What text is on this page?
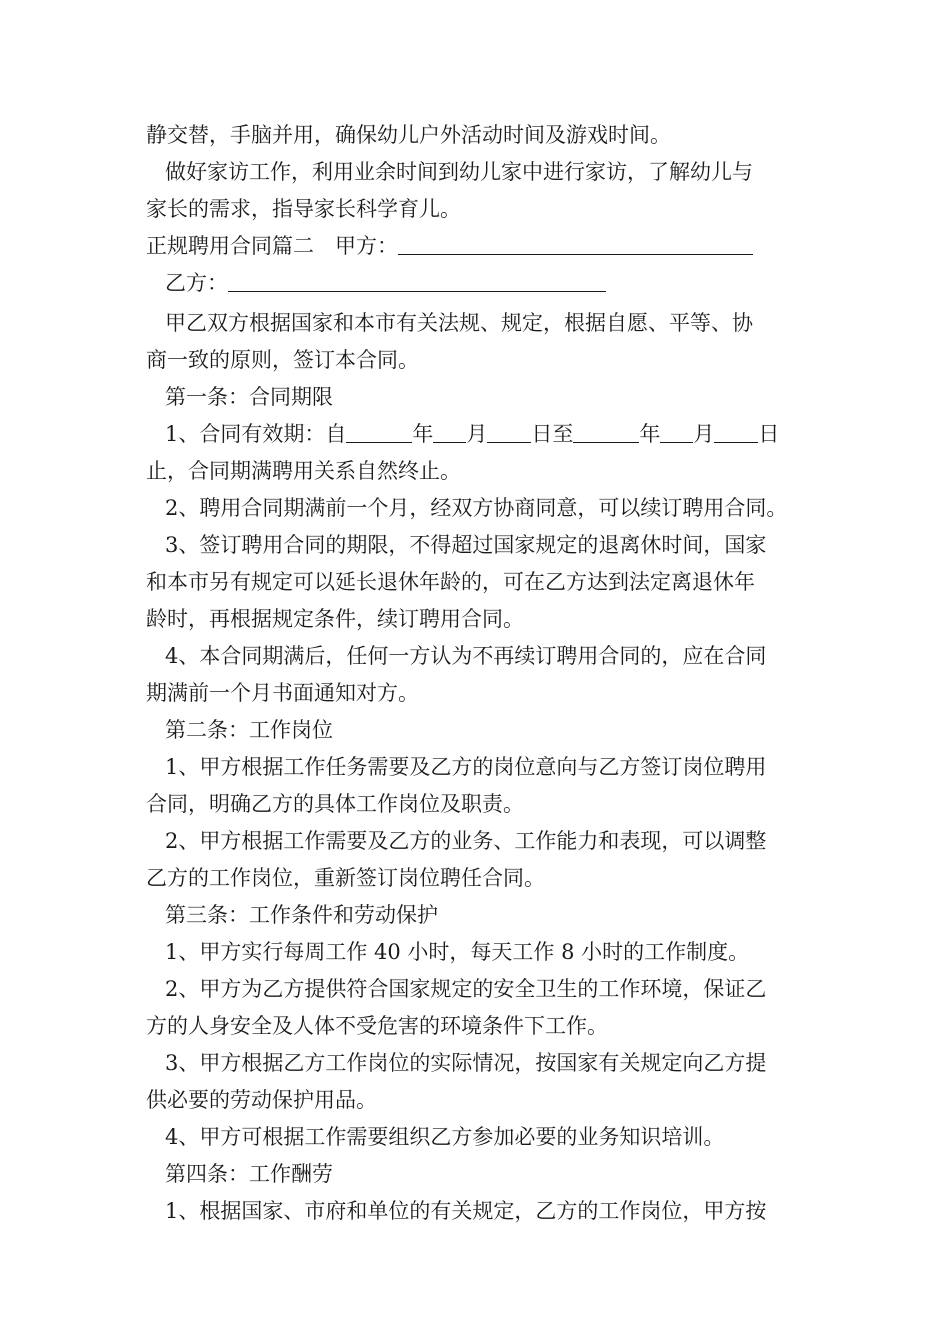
静交替，手脑并用，确保幼儿户外活动时间及游戏时间。
做好家访工作，利用业余时间到幼儿家中进行家访，了解幼儿与
家长的需求，指导家长科学育儿。
正规聘用合同篇二　甲方：
乙方：
甲乙双方根据国家和本市有关法规、规定，根据自愿、平等、协
商一致的原则，签订本合同。
第一条：合同期限
1、合同有效期：自	年 月 日至	年 月 日
止，合同期满聘用关系自然终止。
2、聘用合同期满前一个月，经双方协商同意，可以续订聘用合同。
3、签订聘用合同的期限，不得超过国家规定的退离休时间，国家
和本市另有规定可以延长退休年龄的，可在乙方达到法定离退休年
龄时，再根据规定条件，续订聘用合同。
4、本合同期满后，任何一方认为不再续订聘用合同的，应在合同
期满前一个月书面通知对方。
第二条：工作岗位
1、甲方根据工作任务需要及乙方的岗位意向与乙方签订岗位聘用
合同，明确乙方的具体工作岗位及职责。
2、甲方根据工作需要及乙方的业务、工作能力和表现，可以调整
乙方的工作岗位，重新签订岗位聘任合同。
第三条：工作条件和劳动保护
1、甲方实行每周工作 40 小时，每天工作 8 小时的工作制度。
2、甲方为乙方提供符合国家规定的安全卫生的工作环境，保证乙
方的人身安全及人体不受危害的环境条件下工作。
3、甲方根据乙方工作岗位的实际情况，按国家有关规定向乙方提
供必要的劳动保护用品。
4、甲方可根据工作需要组织乙方参加必要的业务知识培训。
第四条：工作酬劳
1、根据国家、市府和单位的有关规定，乙方的工作岗位，甲方按
